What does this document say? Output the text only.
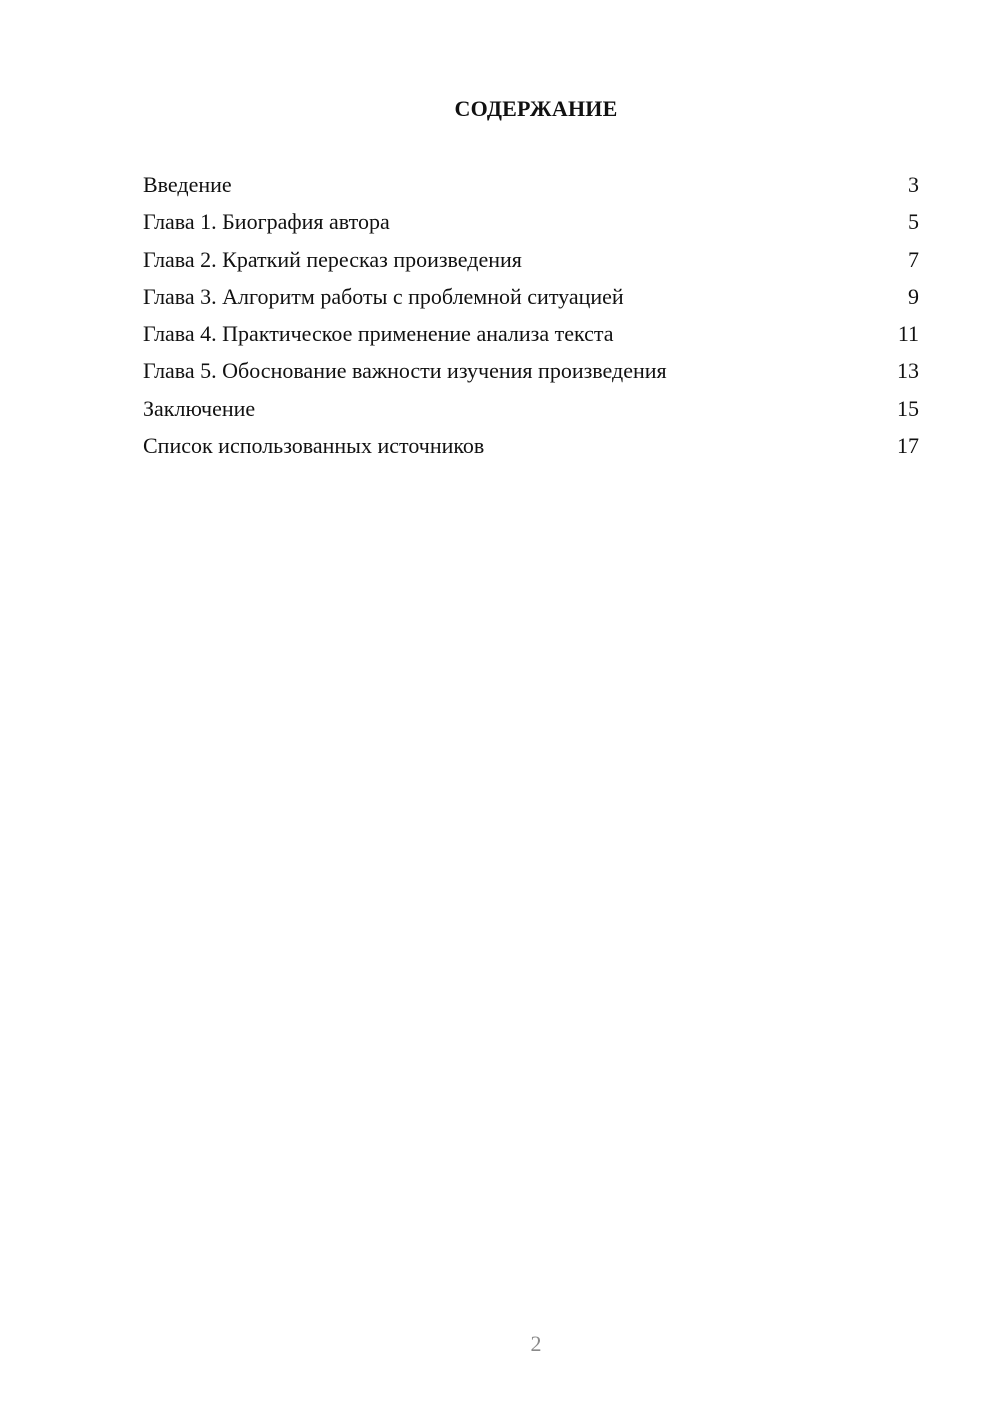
СОДЕРЖАНИЕ
Введение	3
Глава 1. Биография автора	5
Глава 2. Краткий пересказ произведения	7
Глава 3. Алгоритм работы с проблемной ситуацией	9
Глава 4. Практическое применение анализа текста	11
Глава 5. Обоснование важности изучения произведения	13
Заключение	15
Список использованных источников	17
2
